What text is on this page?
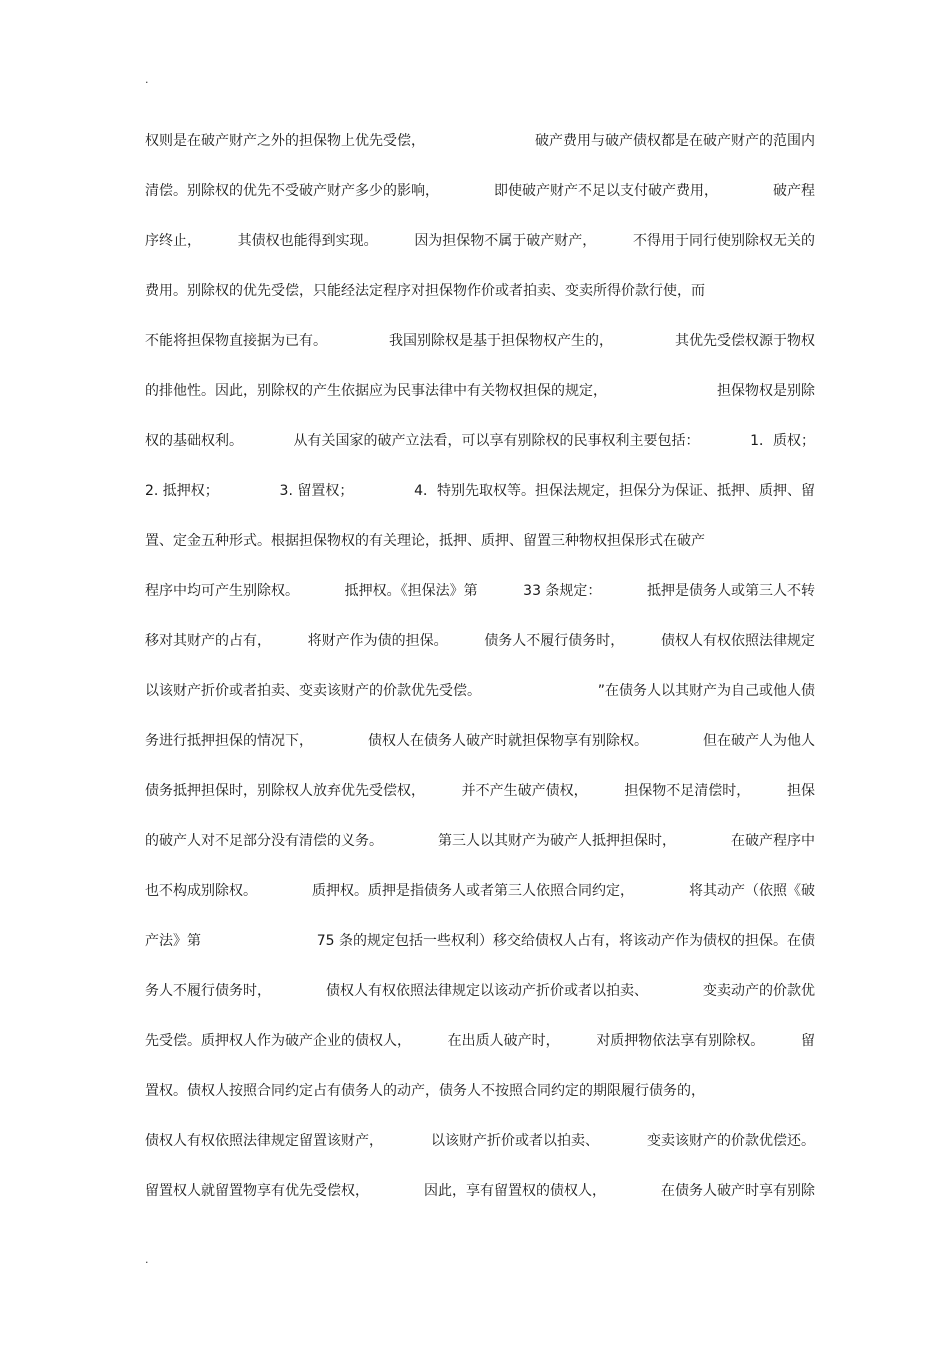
.
权则是在破产财产之外的担保物上优先受偿，	破产费用与破产债权都是在破产财产的范围内
清偿。别除权的优先不受破产财产多少的影响，	即使破产财产不足以支付破产费用，	破产程
序终止，	其债权也能得到实现。	因为担保物不属于破产财产，	不得用于同行使别除权无关的
费用。别除权的优先受偿，只能经法定程序对担保物作价或者拍卖、变卖所得价款行使，而
不能将担保物直接据为已有。	我国别除权是基于担保物权产生的，	其优先受偿权源于物权
的排他性。因此，别除权的产生依据应为民事法律中有关物权担保的规定，	担保物权是别除
权的基础权利。	从有关国家的破产立法看，可以享有别除权的民事权利主要包括：	1．质权；
2. 抵押权；	3. 留置权；	4．特别先取权等。担保法规定，担保分为保证、抵押、质押、留
置、定金五种形式。根据担保物权的有关理论，抵押、质押、留置三种物权担保形式在破产
程序中均可产生别除权。	抵押权。《担保法》第	33 条规定：	抵押是债务人或第三人不转
移对其财产的占有，	将财产作为债的担保。	债务人不履行债务时，	债权人有权依照法律规定
以该财产折价或者拍卖、变卖该财产的价款优先受偿。	”在债务人以其财产为自己或他人债
务进行抵押担保的情况下，	债权人在债务人破产时就担保物享有别除权。	但在破产人为他人
债务抵押担保时，别除权人放弃优先受偿权，	并不产生破产债权，	担保物不足清偿时，	担保
的破产人对不足部分没有清偿的义务。	第三人以其财产为破产人抵押担保时，	在破产程序中
也不构成别除权。	质押权。质押是指债务人或者第三人依照合同约定，	将其动产（依照《破
产法》第	75 条的规定包括一些权利）移交给债权人占有，将该动产作为债权的担保。在债
务人不履行债务时，	债权人有权依照法律规定以该动产折价或者以拍卖、	变卖动产的价款优
先受偿。质押权人作为破产企业的债权人，	在出质人破产时，	对质押物依法享有别除权。	留
置权。债权人按照合同约定占有债务人的动产，债务人不按照合同约定的期限履行债务的，
债权人有权依照法律规定留置该财产，	以该财产折价或者以拍卖、	变卖该财产的价款优偿还。
留置权人就留置物享有优先受偿权，	因此，享有留置权的债权人，	在债务人破产时享有别除
.
